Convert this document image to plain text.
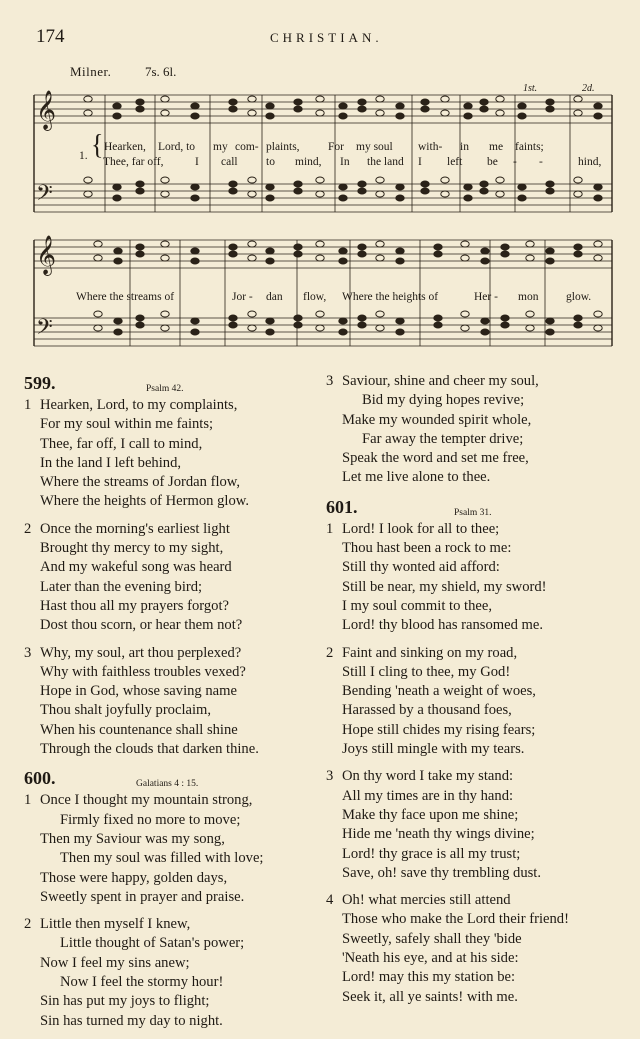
174	CHRISTIAN.
Milner.	7s. 6l.
𝄞
𝄢
𝄞
𝄢
1st.	2d.
1. { Hearken, Lord, to my com- plaints, For my soul with- in me faints;
Thee, far off,	I call to mind, In the land I left be - -	hind,
Where the streams of	Jor - dan flow, Where the heights of	Her - mon glow.
599.	Psalm 42.
1 Hearken, Lord, to my complaints,
For my soul within me faints;
Thee, far off, I call to mind,
In the land I left behind,
Where the streams of Jordan flow,
Where the heights of Hermon glow.
2 Once the morning's earliest light
Brought thy mercy to my sight,
And my wakeful song was heard
Later than the evening bird;
Hast thou all my prayers forgot?
Dost thou scorn, or hear them not?
3 Why, my soul, art thou perplexed?
Why with faithless troubles vexed?
Hope in God, whose saving name
Thou shalt joyfully proclaim,
When his countenance shall shine
Through the clouds that darken thine.
600.	Galatians 4 : 15.
1 Once I thought my mountain strong,
Firmly fixed no more to move;
Then my Saviour was my song,
Then my soul was filled with love;
Those were happy, golden days,
Sweetly spent in prayer and praise.
2 Little then myself I knew,
Little thought of Satan's power;
Now I feel my sins anew;
Now I feel the stormy hour!
Sin has put my joys to flight;
Sin has turned my day to night.
3 Saviour, shine and cheer my soul,
Bid my dying hopes revive;
Make my wounded spirit whole,
Far away the tempter drive;
Speak the word and set me free,
Let me live alone to thee.
601.	Psalm 31.
1 Lord! I look for all to thee;
Thou hast been a rock to me:
Still thy wonted aid afford:
Still be near, my shield, my sword!
I my soul commit to thee,
Lord! thy blood has ransomed me.
2 Faint and sinking on my road,
Still I cling to thee, my God!
Bending 'neath a weight of woes,
Harassed by a thousand foes,
Hope still chides my rising fears;
Joys still mingle with my tears.
3 On thy word I take my stand:
All my times are in thy hand:
Make thy face upon me shine;
Hide me 'neath thy wings divine;
Lord! thy grace is all my trust;
Save, oh! save thy trembling dust.
4 Oh! what mercies still attend
Those who make the Lord their friend!
Sweetly, safely shall they 'bide
'Neath his eye, and at his side:
Lord! may this my station be:
Seek it, all ye saints! with me.
